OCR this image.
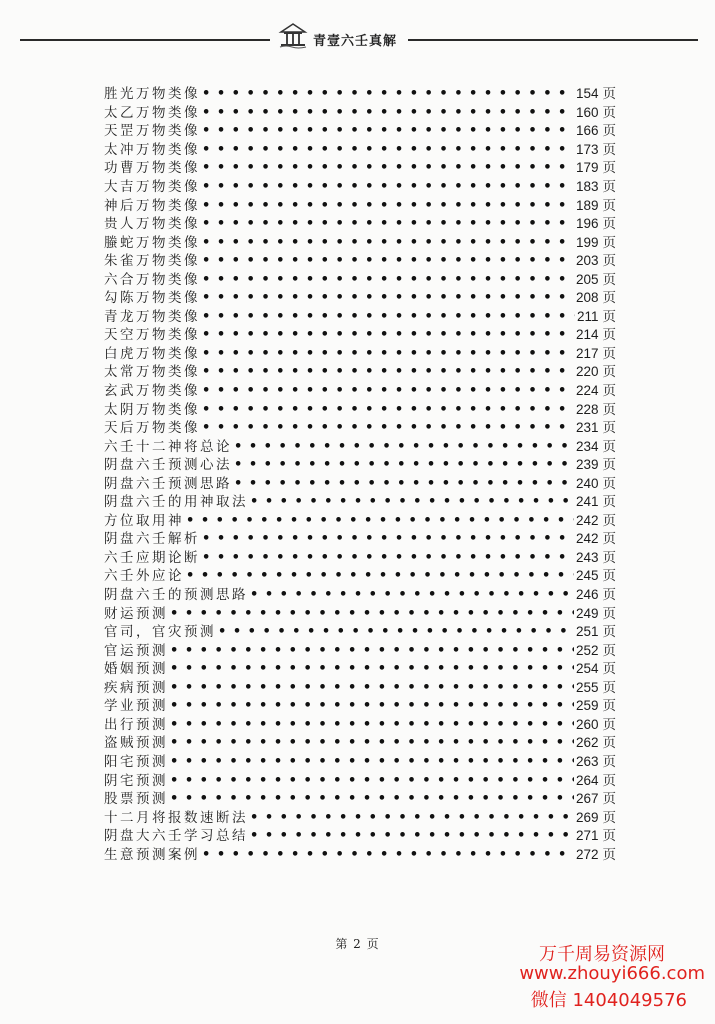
青壹六壬真解
胜光万物类像 • • •	154 页
太乙万物类像 • • •	160 页
天罡万物类像 • • •	166 页
太冲万物类像 • • •	173 页
功曹万物类像 • • •	179 页
大吉万物类像 • • •	183 页
神后万物类像 • • •	189 页
贵人万物类像 • • •	196 页
螣蛇万物类像 • • •	199 页
朱雀万物类像 • • •	203 页
六合万物类像 • • •	205 页
勾陈万物类像 • • •	208 页
青龙万物类像 • • •	211 页
天空万物类像 • • •	214 页
白虎万物类像 • • •	217 页
太常万物类像 • • •	220 页
玄武万物类像 • • •	224 页
太阴万物类像 • • •	228 页
天后万物类像 • • •	231 页
六壬十二神将总论 • • •	234 页
阴盘六壬预测心法 • • •	239 页
阴盘六壬预测思路 • • •	240 页
阴盘六壬的用神取法 • • •	241 页
方位取用神 • • •	242 页
阴盘六壬解析 • • •	242 页
六壬应期论断 • • •	243 页
六壬外应论 • • •	245 页
阴盘六壬的预测思路 • • •	246 页
财运预测 • • •	249 页
官司，官灾预测 • • •	251 页
官运预测 • • •	252 页
婚姻预测 • • •	254 页
疾病预测 • • •	255 页
学业预测 • • •	259 页
出行预测 • • •	260 页
盗贼预测 • • •	262 页
阳宅预测 • • •	263 页
阴宅预测 • • •	264 页
股票预测 • • •	267 页
十二月将报数速断法 • • •	269 页
阴盘大六壬学习总结 • • •	271 页
生意预测案例 • • •	272 页
第 2 页	万千周易资源网
www.zhouyi666.com
微信 1404049576
